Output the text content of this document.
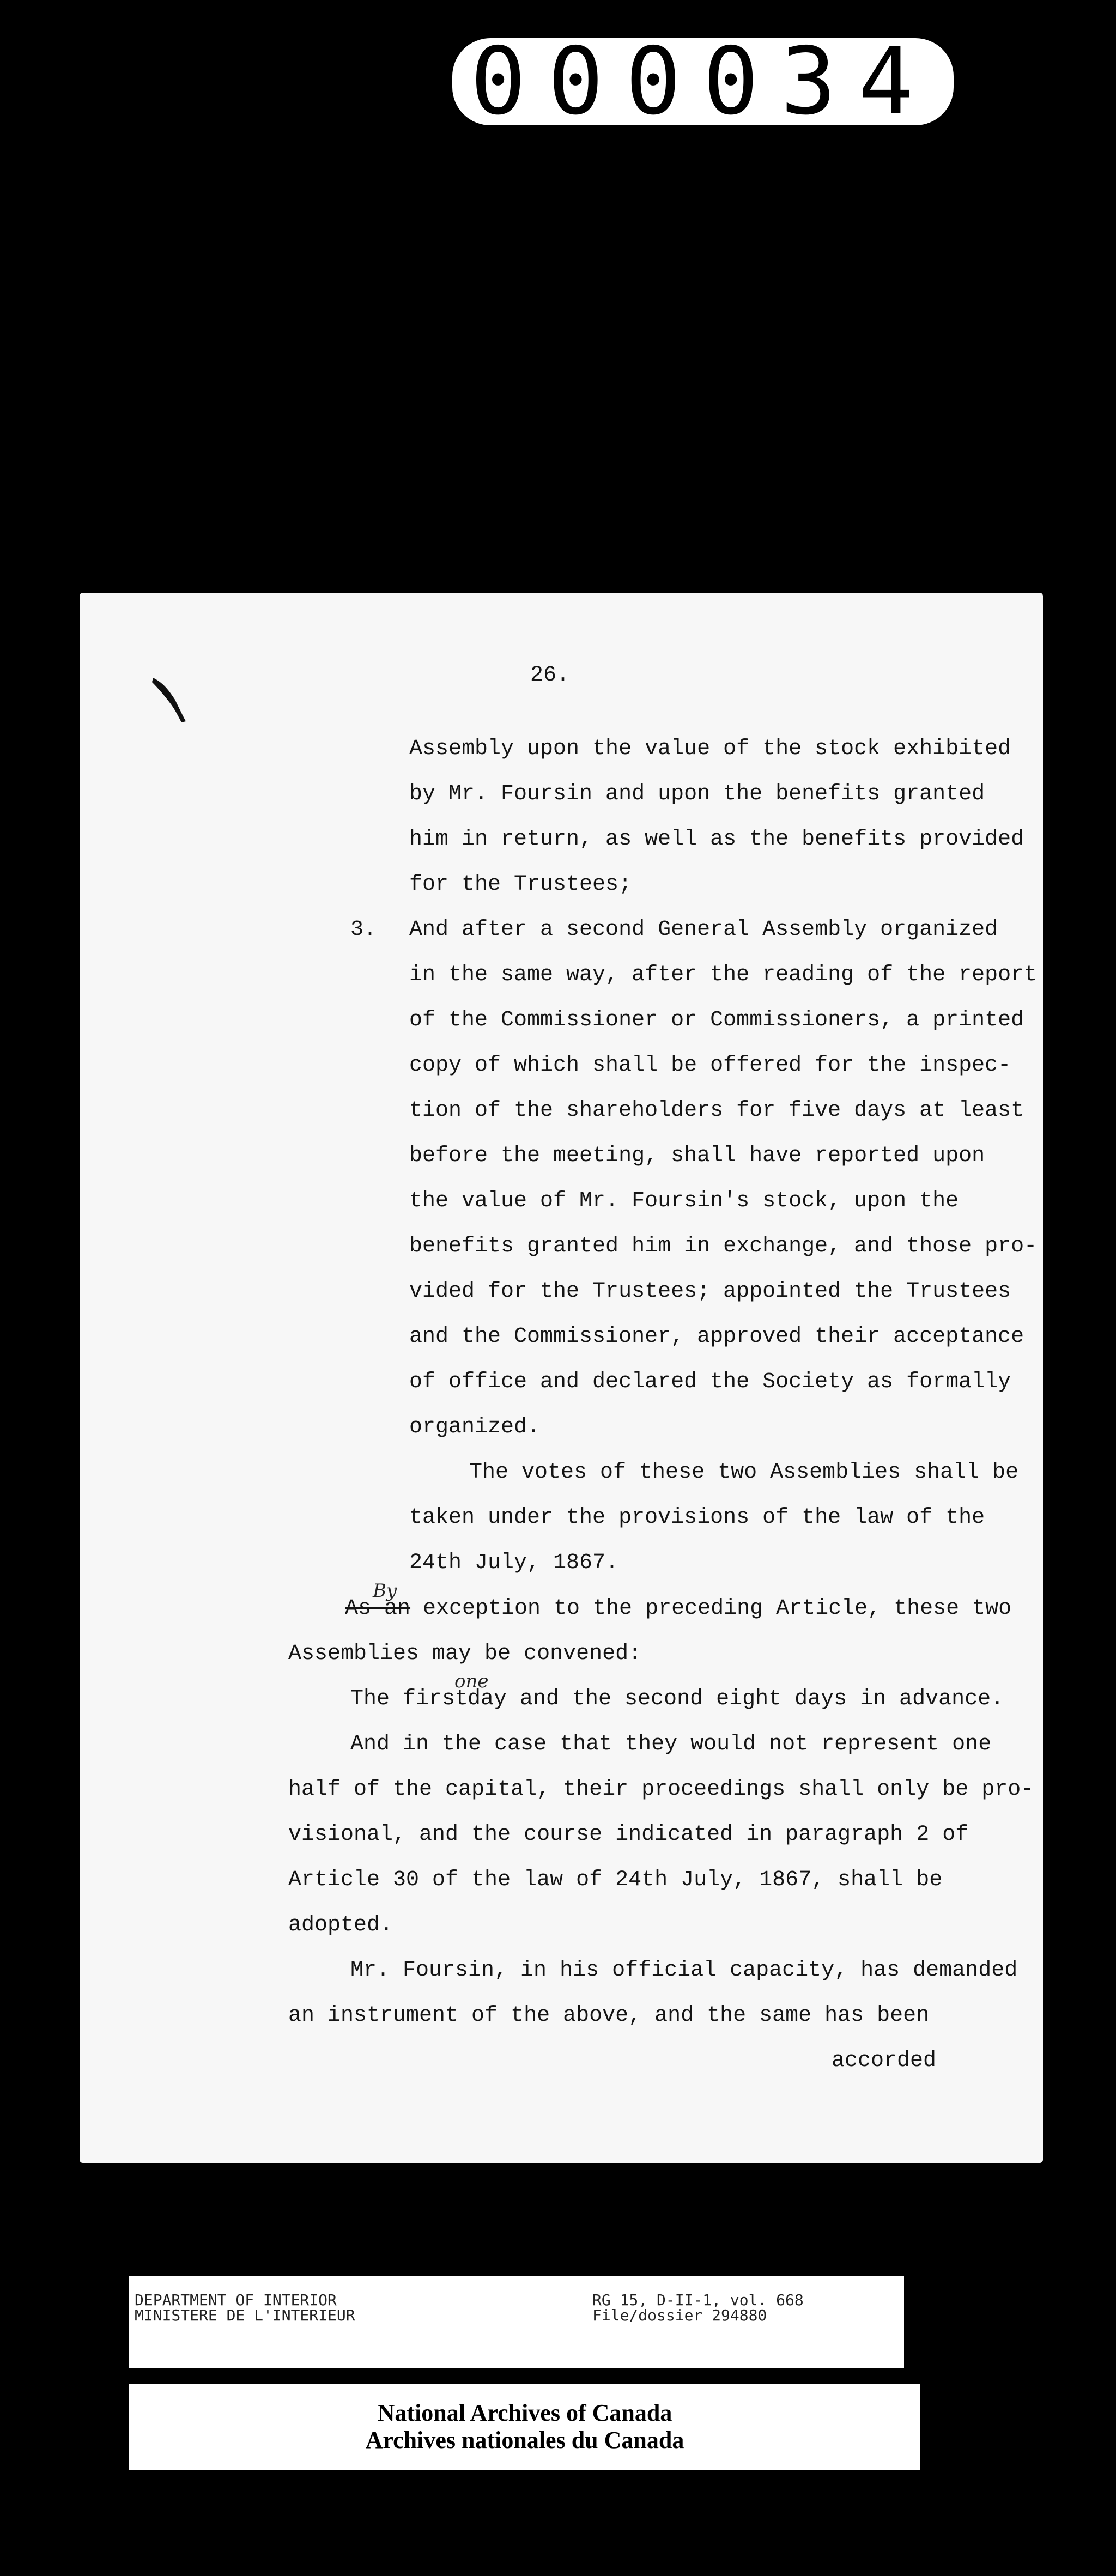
000034
26.
Assembly upon the value of the stock exhibited
by Mr. Foursin and upon the benefits granted
him in return, as well as the benefits provided
for the Trustees;
3. And after a second General Assembly organized
in the same way, after the reading of the report
of the Commissioner or Commissioners, a printed
copy of which shall be offered for the inspec-
tion of the shareholders for five days at least
before the meeting, shall have reported upon
the value of Mr. Foursin's stock, upon the
benefits granted him in exchange, and those pro-
vided for the Trustees; appointed the Trustees
and the Commissioner, approved their acceptance
of office and declared the Society as formally
organized.
The votes of these two Assemblies shall be
taken under the provisions of the law of the
24th July, 1867.
By
As an exception to the preceding Article, these two
Assemblies may be convened:
The first
one
day and the second eight days in advance.
And in the case that they would not represent one
half of the capital, their proceedings shall only be pro-
visional, and the course indicated in paragraph 2 of
Article 30 of the law of 24th July, 1867, shall be
adopted.
Mr. Foursin, in his official capacity, has demanded
an instrument of the above, and the same has been
accorded
DEPARTMENT OF INTERIOR
MINISTERE DE L'INTERIEUR
RG 15, D-II-1, vol. 668
File/dossier 294880
National Archives of Canada
Archives nationales du Canada
